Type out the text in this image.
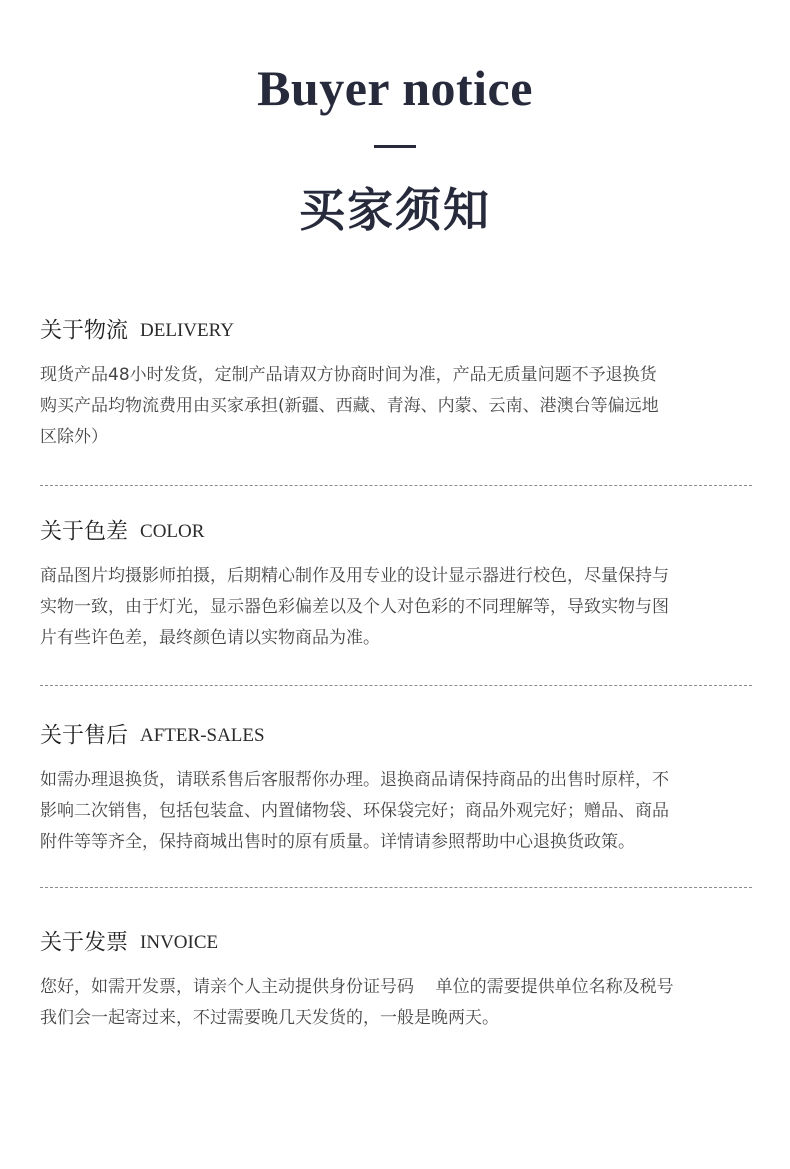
Buyer notice
买家须知
关于物流 DELIVERY
现货产品48小时发货，定制产品请双方协商时间为准，产品无质量问题不予退换货
购买产品均物流费用由买家承担(新疆、西藏、青海、内蒙、云南、港澳台等偏远地
区除外）
关于色差 COLOR
商品图片均摄影师拍摄，后期精心制作及用专业的设计显示器进行校色，尽量保持与
实物一致，由于灯光，显示器色彩偏差以及个人对色彩的不同理解等，导致实物与图
片有些许色差，最终颜色请以实物商品为准。
关于售后 AFTER-SALES
如需办理退换货，请联系售后客服帮你办理。退换商品请保持商品的出售时原样，不
影响二次销售，包括包装盒、内置储物袋、环保袋完好；商品外观完好；赠品、商品
附件等等齐全，保持商城出售时的原有质量。详情请参照帮助中心退换货政策。
关于发票 INVOICE
您好，如需开发票，请亲个人主动提供身份证号码    单位的需要提供单位名称及税号
我们会一起寄过来，不过需要晚几天发货的，一般是晚两天。
